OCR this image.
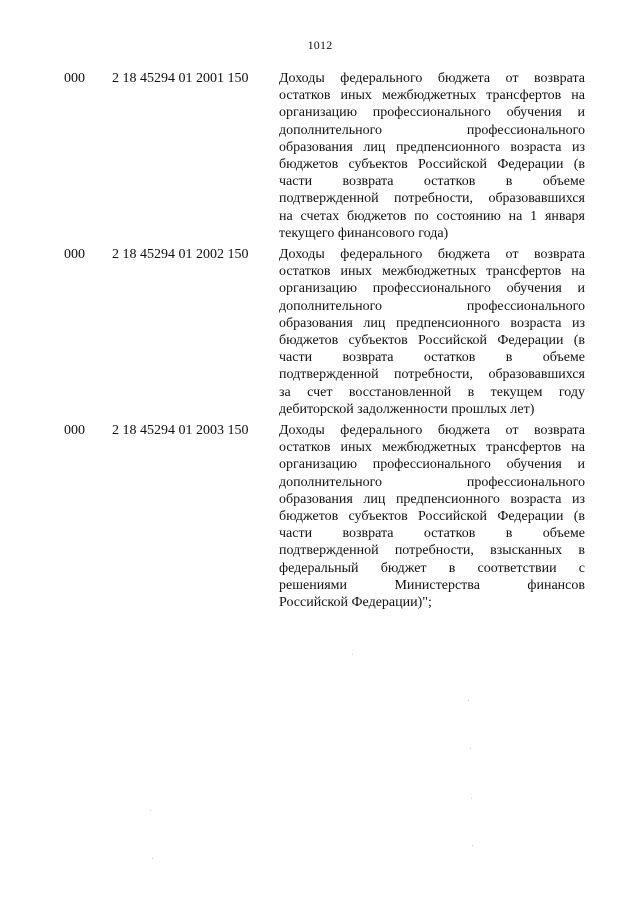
1012
000 2 18 45294 01 2001 150 Доходы федерального бюджета от возврата
остатков иных межбюджетных трансфертов на
организацию профессионального обучения и
дополнительного профессионального
образования лиц предпенсионного возраста из
бюджетов субъектов Российской Федерации (в
части возврата остатков в объеме
подтвержденной потребности, образовавшихся
на счетах бюджетов по состоянию на 1 января
текущего финансового года)
000 2 18 45294 01 2002 150 Доходы федерального бюджета от возврата
остатков иных межбюджетных трансфертов на
организацию профессионального обучения и
дополнительного профессионального
образования лиц предпенсионного возраста из
бюджетов субъектов Российской Федерации (в
части возврата остатков в объеме
подтвержденной потребности, образовавшихся
за счет восстановленной в текущем году
дебиторской задолженности прошлых лет)
000 2 18 45294 01 2003 150 Доходы федерального бюджета от возврата
остатков иных межбюджетных трансфертов на
организацию профессионального обучения и
дополнительного профессионального
образования лиц предпенсионного возраста из
бюджетов субъектов Российской Федерации (в
части возврата остатков в объеме
подтвержденной потребности, взысканных в
федеральный бюджет в соответствии с
решениями Министерства финансов
Российской Федерации)";
